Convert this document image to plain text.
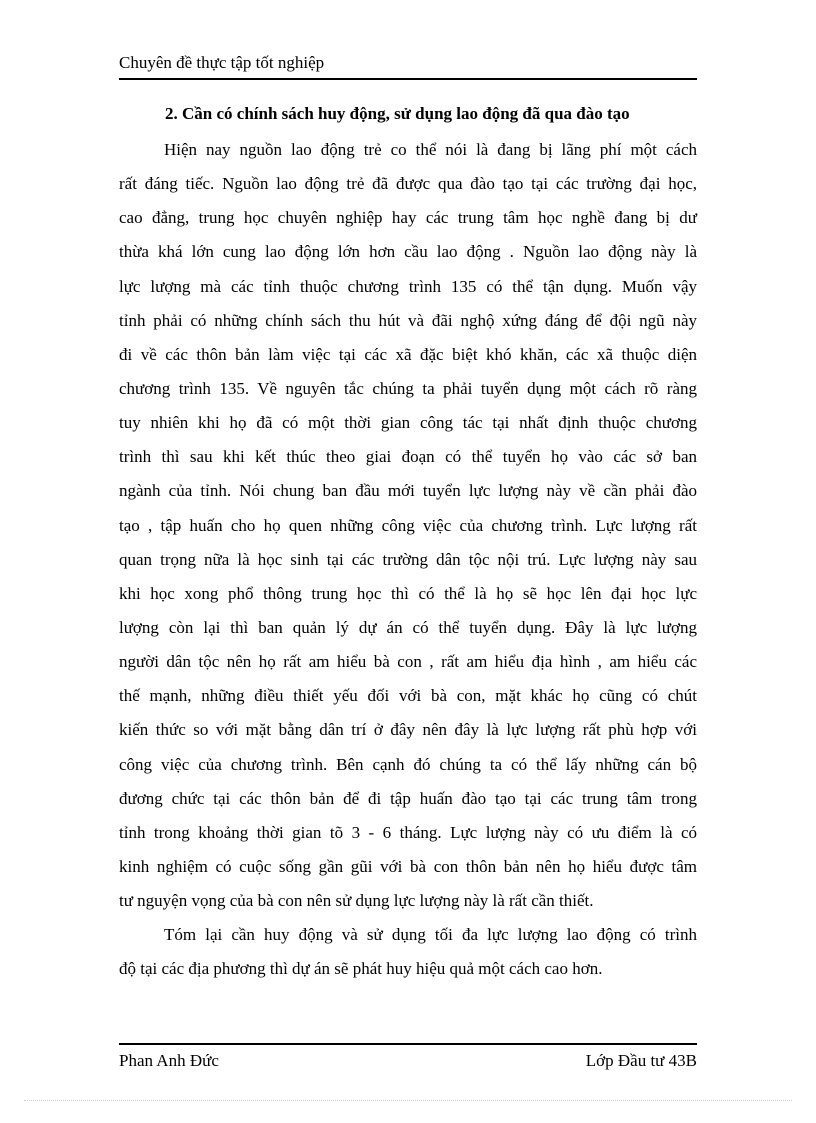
Chuyên đề thực tập tốt nghiệp
2. Cần có chính sách huy động, sử dụng lao động đã qua đào tạo
Hiện nay nguồn lao động trẻ co thể nói là đang bị lãng phí một cách
rất đáng tiếc. Nguồn lao động trẻ đã được qua đào tạo tại các trường đại học,
cao đẳng, trung học chuyên nghiệp hay các trung tâm học nghề đang bị dư
thừa khá lớn cung lao động lớn hơn cầu lao động . Nguồn lao động này là
lực lượng mà các tỉnh thuộc chương trình 135 có thể tận dụng. Muốn vậy
tỉnh phải có những chính sách thu hút và đãi nghộ xứng đáng để đội ngũ này
đi về các thôn bản làm việc tại các xã đặc biệt khó khăn, các xã thuộc diện
chương trình 135. Về nguyên tắc chúng ta phải tuyển dụng một cách rõ ràng
tuy nhiên khi họ đã có một thời gian công tác tại nhất định thuộc chương
trình thì sau khi kết thúc theo giai đoạn có thể tuyển họ vào các sở ban
ngành của tỉnh. Nói chung ban đầu mới tuyển lực lượng này về cần phải đào
tạo , tập huấn cho họ quen những công việc của chương trình. Lực lượng rất
quan trọng nữa là học sinh tại các trường dân tộc nội trú. Lực lượng này sau
khi học xong phổ thông trung học thì có thể là họ sẽ học lên đại học lực
lượng còn lại thì ban quản lý dự án có thể tuyển dụng. Đây là lực lượng
người dân tộc nên họ rất am hiểu bà con , rất am hiểu địa hình , am hiểu các
thế mạnh, những điều thiết yếu đối với bà con, mặt khác họ cũng có chút
kiến thức so với mặt bằng dân trí ở đây nên đây là lực lượng rất phù hợp với
công việc của chương trình. Bên cạnh đó chúng ta có thể lấy những cán bộ
đương chức tại các thôn bản để đi tập huấn đào tạo tại các trung tâm trong
tỉnh trong khoảng thời gian tõ 3 - 6 tháng. Lực lượng này có ưu điểm là có
kinh nghiệm có cuộc sống gần gũi với bà con thôn bản nên họ hiểu được tâm
tư nguyện vọng của bà con nên sử dụng lực lượng này là rất cần thiết.
Tóm lại cần huy động và sử dụng tối đa lực lượng lao động có trình
độ tại các địa phương thì dự án sẽ phát huy hiệu quả một cách cao hơn.
Phan Anh Đức	Lớp Đầu tư 43B
